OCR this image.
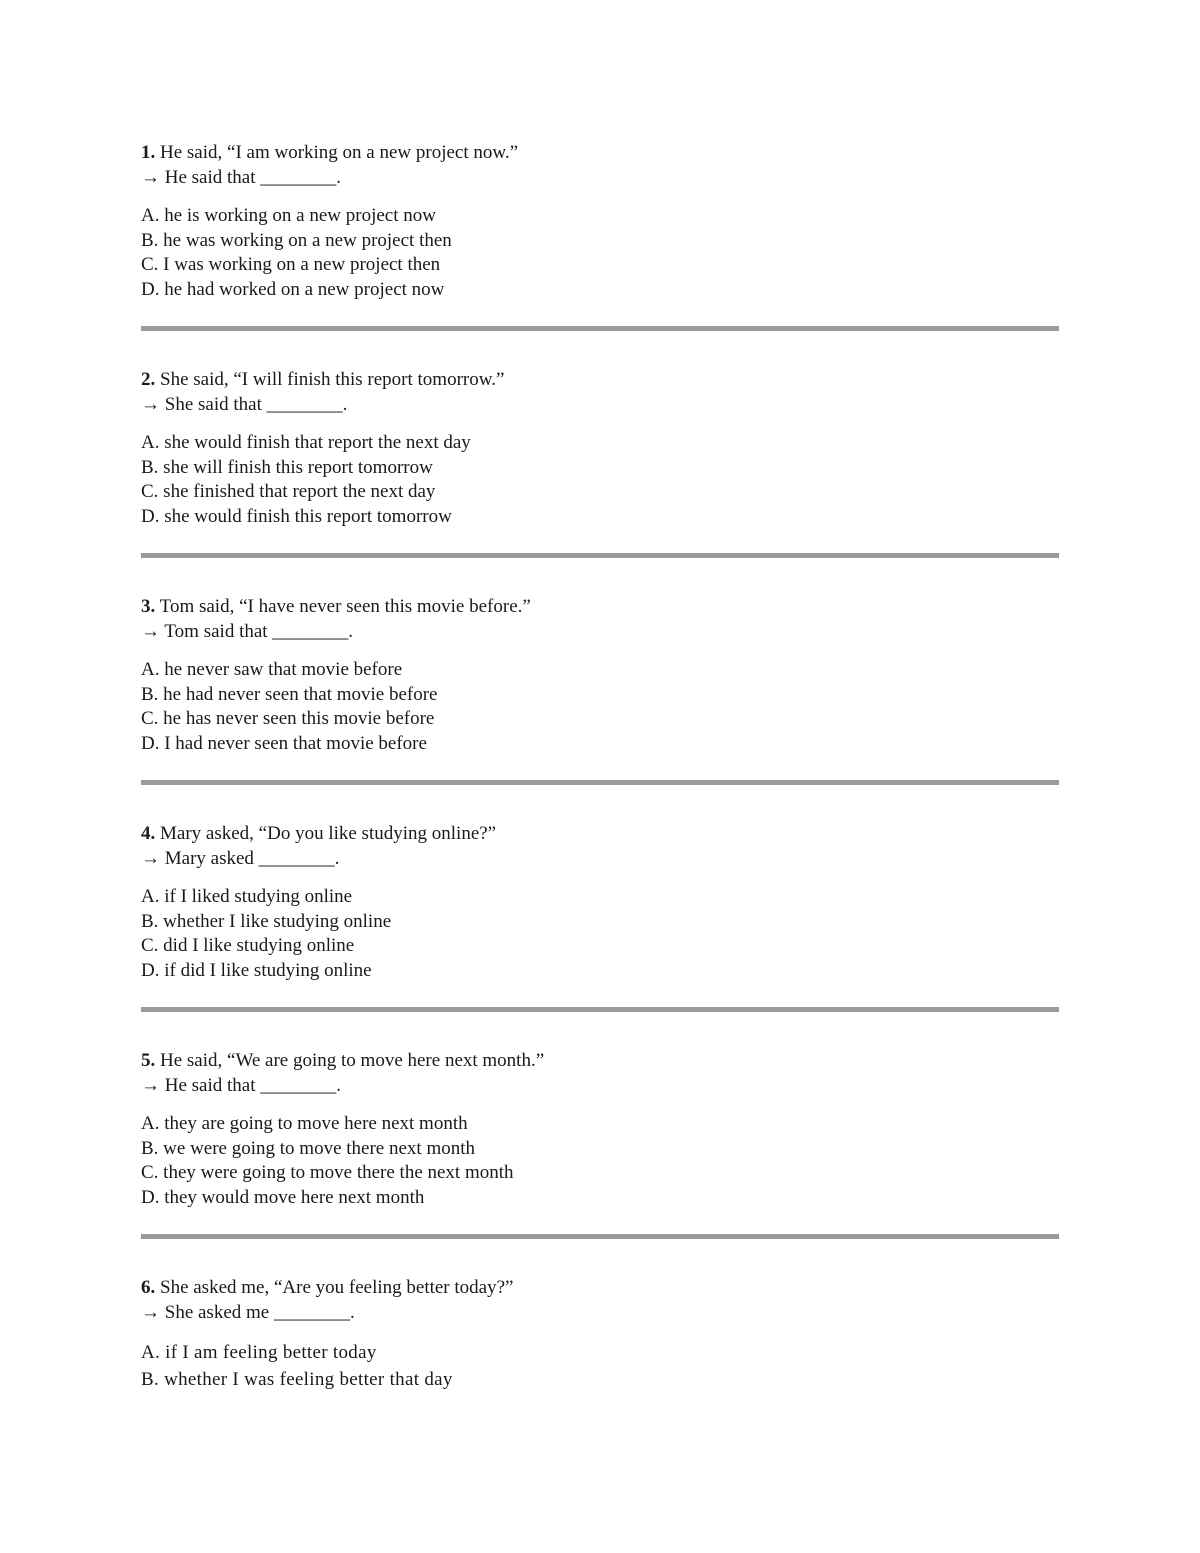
1. He said, “I am working on a new project now.”

→ He said that ________.

A. he is working on a new project now
B. he was working on a new project then
C. I was working on a new project then
D. he had worked on a new project now

2. She said, “I will finish this report tomorrow.”

→ She said that ________.

A. she would finish that report the next day
B. she will finish this report tomorrow
C. she finished that report the next day
D. she would finish this report tomorrow

3. Tom said, “I have never seen this movie before.”

→ Tom said that ________.

A. he never saw that movie before
B. he had never seen that movie before
C. he has never seen this movie before
D. I had never seen that movie before

4. Mary asked, “Do you like studying online?”

→ Mary asked ________.

A. if I liked studying online
B. whether I like studying online
C. did I like studying online
D. if did I like studying online

5. He said, “We are going to move here next month.”

→ He said that ________.

A. they are going to move here next month
B. we were going to move there next month
C. they were going to move there the next month
D. they would move here next month

6. She asked me, “Are you feeling better today?”

→ She asked me ________.

A. if I am feeling better today
B. whether I was feeling better that day
